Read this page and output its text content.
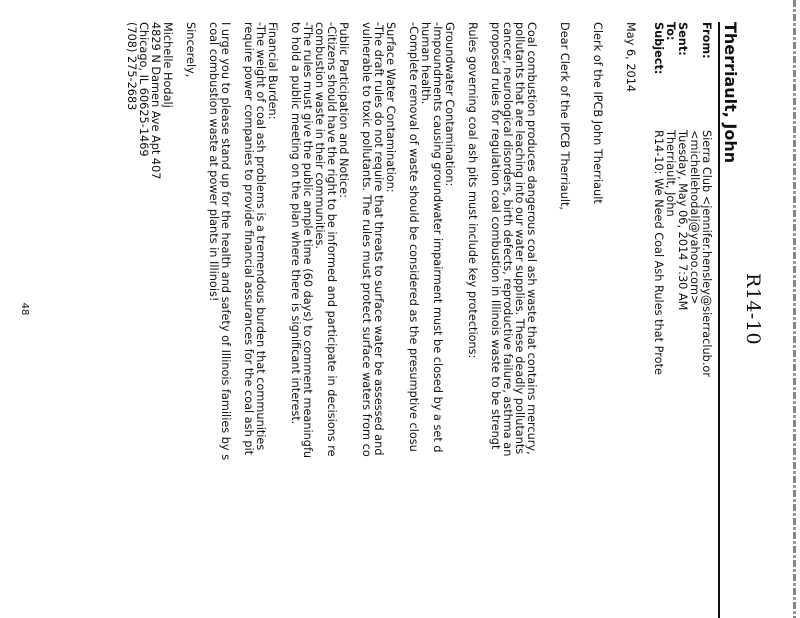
R14-10
Therriault, John
From:
Sierra Club <jennifer.hensley@sierraclub.or
<michellehodalj@yahoo.com>
Sent:
Tuesday, May 06, 2014 7:30 AM
To:
Therriault, John
Subject:
R14-10: We Need Coal Ash Rules that Prote

May 6, 2014

Clerk of the IPCB John Therriault

Dear Clerk of the IPCB Therriault,

Coal combustion produces dangerous coal ash waste that contains mercury,
pollutants that are leaching into our water supplies. These deadly pollutants
cancer, neurological disorders, birth defects, reproductive failure, asthma an
proposed rules for regulation coal combustion in Illinois waste to be strengt

Rules governing coal ash pits must include key protections:

Groundwater Contamination:
-Impoundments causing groundwater impairment must be closed by a set d
human health.
-Complete removal of waste should be considered as the presumptive closu
Surface Water Contamination:
-The draft rules do not require that threats to surface water be assessed and
vulnerable to toxic pollutants. The rules must protect surface waters from co
Public Participation and Notice:
-Citizens should have the right to be informed and participate in decisions re
combustion waste in their communities.
-The rules must give the public ample time (60 days) to comment meaningfu
to hold a public meeting on the plan where there is significant interest.
Financial Burden:
-The weight of coal ash problems is a tremendous burden that communities
require power companies to provide financial assurances for the coal ash pit
I urge you to please stand up for the health and safety of Illinois families by s
coal combustion waste at power plants in Illinois!

Sincerely,

Michelle Hodalj
4829 N Damen Ave Apt 407
Chicago, IL 60625-1469
(708) 275-2683
48
